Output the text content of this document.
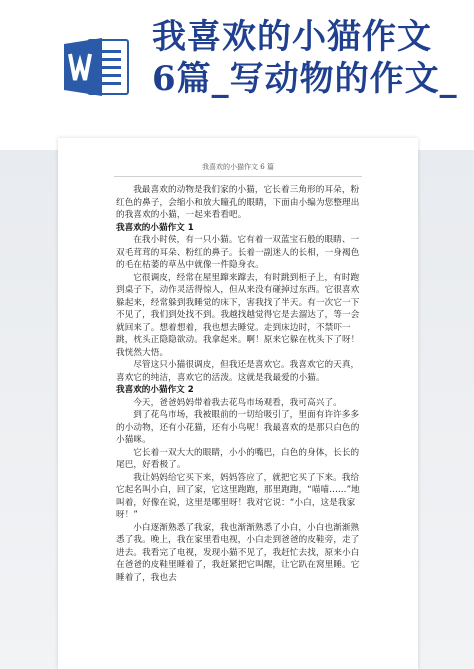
我喜欢的小猫作文
6篇_写动物的作文_
我喜欢的小猫作文 6 篇

我最喜欢的动物是我们家的小猫，它长着三角形的耳朵，粉红色的鼻子，会缩小和放大瞳孔的眼睛，下面由小编为您整理出的我喜欢的小猫，一起来看看吧。

我喜欢的小猫作文 1

在我小时侯，有一只小猫。它有着一双蓝宝石般的眼睛、一双毛茸茸的耳朵、粉红的鼻子。长着一副迷人的长相，一身褐色的毛在枯萎的草丛中就像一件隐身衣。

它很调皮，经常在屋里蹿来蹿去，有时跳到柜子上，有时跑到桌子下，动作灵活得惊人，但从来没有碰掉过东西。它很喜欢躲起来，经常躲到我睡觉的床下，害我找了半天。有一次它一下不见了，我们到处找不到。我越找越觉得它是去溜达了，等一会就回来了。想着想着，我也想去睡觉。走到床边时，不禁吓一跳，枕头正隐隐欲动。我拿起来。啊！原来它躲在枕头下了呀！我恍然大悟。

尽管这只小猫很调皮，但我还是喜欢它。我喜欢它的天真，喜欢它的纯洁，喜欢它的活泼。这就是我最爱的小猫。

我喜欢的小猫作文 2

今天，爸爸妈妈带着我去花鸟市场观看，我可高兴了。

到了花鸟市场，我被眼前的一切给吸引了，里面有许许多多的小动物，还有小花猫，还有小鸟呢！我最喜欢的是那只白色的小猫咪。

它长着一双大大的眼睛，小小的嘴巴，白色的身体，长长的尾巴，好看极了。

我让妈妈给它买下来，妈妈答应了，就把它买了下来。我给它起名叫小白，回了家，它这里跑跑，那里跑跑，“喵喵……”地叫着，好像在说，这里是哪里呀！我对它说：“小白，这是我家呀！”

小白逐渐熟悉了我家，我也渐渐熟悉了小白，小白也渐渐熟悉了我。晚上，我在家里看电视，小白走到爸爸的皮鞋旁，走了进去。我看完了电视，发现小猫不见了，我赶忙去找，原来小白在爸爸的皮鞋里睡着了，我赶紧把它叫醒，让它趴在窝里睡。它睡着了，我也去
